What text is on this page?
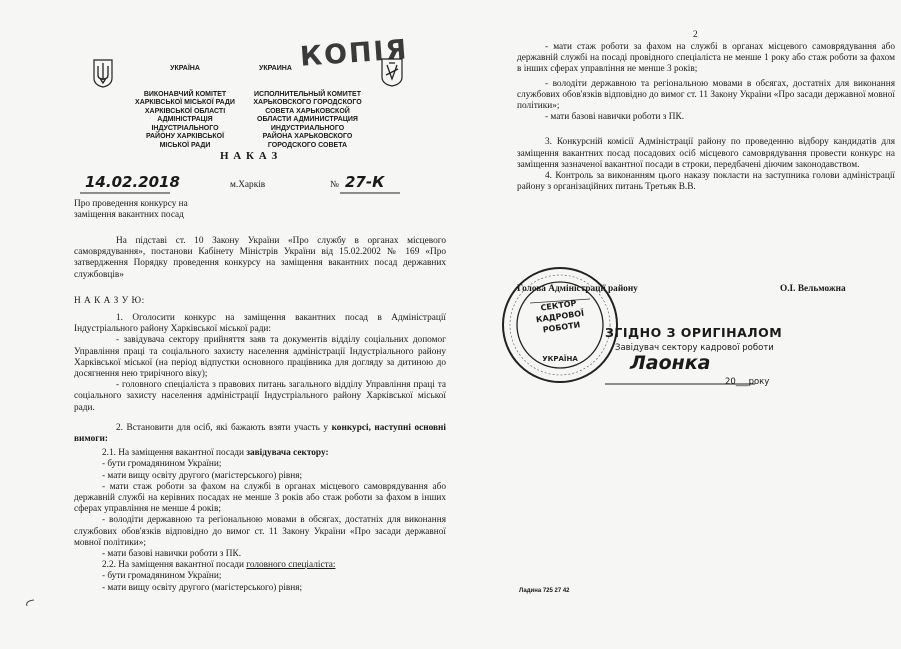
УКРАЇНА

ВИКОНАВЧИЙ КОМІТЕТ
ХАРКІВСЬКОЇ МІСЬКОЇ РАДИ
ХАРКІВСЬКОЇ ОБЛАСТІ
АДМІНІСТРАЦІЯ
ІНДУСТРІАЛЬНОГО
РАЙОНУ ХАРКІВСЬКОЇ
МІСЬКОЇ РАДИ

УКРАИНА

ИСПОЛНИТЕЛЬНЫЙ КОМИТЕТ
ХАРЬКОВСКОГО ГОРОДСКОГО
СОВЕТА ХАРЬКОВСКОЙ
ОБЛАСТИ АДМИНИСТРАЦИЯ
ИНДУСТРИАЛЬНОГО
РАЙОНА ХАРЬКОВСКОГО
ГОРОДСКОГО СОВЕТА

КОПІЯ
Н А К А З
14.02.2018	м.Харків	№ 27-К
Про проведення конкурсу на
заміщення вакантних посад
На підставі ст. 10 Закону України «Про службу в органах місцевого самоврядування», постанови Кабінету Міністрів України від 15.02.2002 № 169 «Про затвердження Порядку проведення конкурсу на заміщення вакантних посад державних службовців»
Н А К А З У Ю:
1. Оголосити конкурс на заміщення вакантних посад в Адміністрації Індустріального району Харківської міської ради:
- завідувача сектору прийняття заяв та документів відділу соціальних допомог Управління праці та соціального захисту населення адміністрації Індустріального району Харківської міської (на період відпустки основного працівника для догляду за дитиною до досягнення нею трирічного віку);
- головного спеціаліста з правових питань загального відділу Управління праці та соціального захисту населення адміністрації Індустріального району Харківської міської ради.
2. Встановити для осіб, які бажають взяти участь у конкурсі, наступні основні вимоги:
2.1. На заміщення вакантної посади завідувача сектору:
- бути громадянином України;
- мати вищу освіту другого (магістерського) рівня;
- мати стаж роботи за фахом на службі в органах місцевого самоврядування або державній службі на керівних посадах не менше 3 років або стаж роботи за фахом в інших сферах управління не менше 4 років;
- володіти державною та регіональною мовами в обсягах, достатніх для виконання службових обов'язків відповідно до вимог ст. 11 Закону України «Про засади державної мовної політики»;
- мати базові навички роботи з ПК.
2.2. На заміщення вакантної посади головного спеціаліста:
- бути громадянином України;
- мати вищу освіту другого (магістерського) рівня;
2
- мати стаж роботи за фахом на службі в органах місцевого самоврядування або державній службі на посаді провідного спеціаліста не менше 1 року або стаж роботи за фахом в інших сферах управління не менше 3 років;
- володіти державною та регіональною мовами в обсягах, достатніх для виконання службових обов'язків відповідно до вимог ст. 11 Закону України «Про засади державної мовної політики»;
- мати базові навички роботи з ПК.
3. Конкурсній комісії Адміністрації району по проведенню відбору кандидатів для заміщення вакантних посад посадових осіб місцевого самоврядування провести конкурс на заміщення зазначеної вакантної посади в строки, передбачені діючим законодавством.
4. Контроль за виконанням цього наказу покласти на заступника голови адміністрації району з організаційних питань Третьяк В.В.
Голова Адміністрації району	О.І. Вельможна
УКРАЇНА
СЕКТОР КАДРОВОЇ РОБОТИ	ЗГІДНО З ОРИГІНАЛОМ
Завідувач сектору кадрової роботи
Лаонка
20___року
Ладина 725 27 42
